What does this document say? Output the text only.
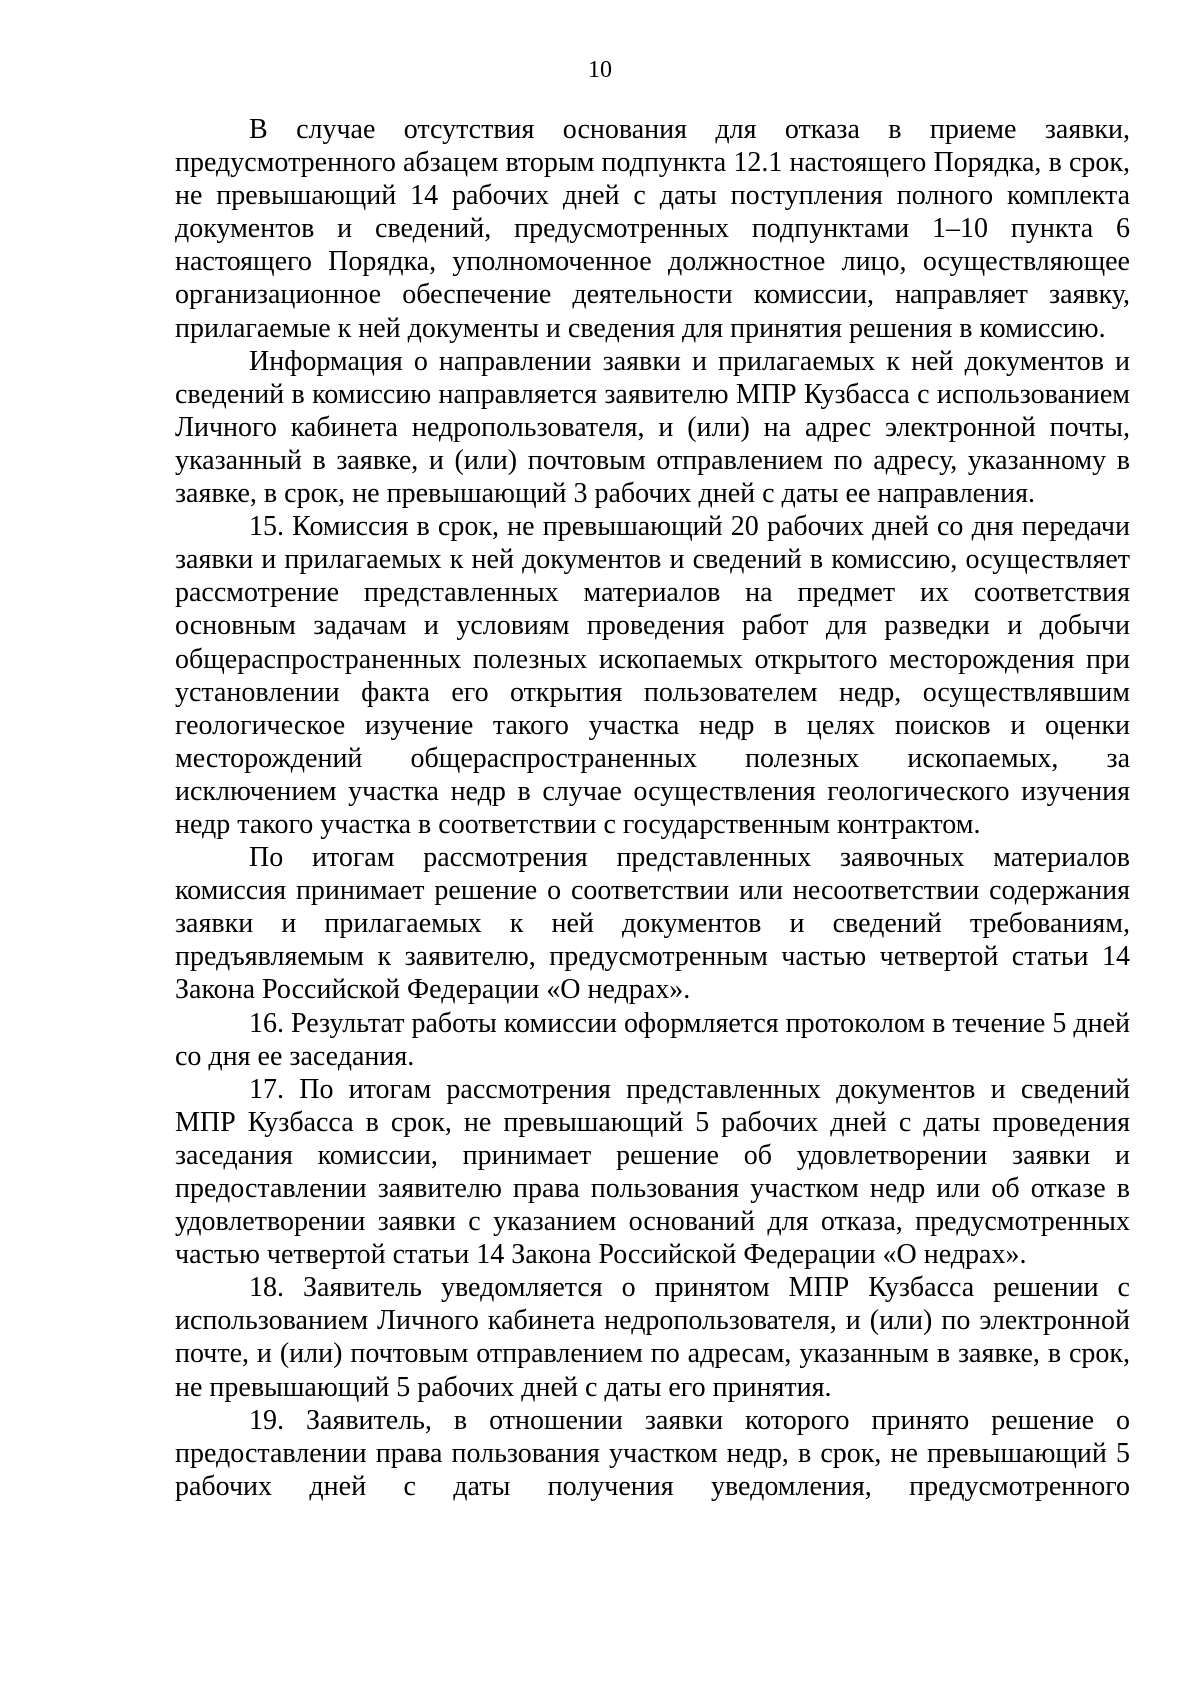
10

В случае отсутствия основания для отказа в приеме заявки, предусмотренного абзацем вторым подпункта 12.1 настоящего Порядка, в срок, не превышающий 14 рабочих дней с даты поступления полного комплекта документов и сведений, предусмотренных подпунктами 1–10 пункта 6 настоящего Порядка, уполномоченное должностное лицо, осуществляющее организационное обеспечение деятельности комиссии, направляет заявку, прилагаемые к ней документы и сведения для принятия решения в комиссию.

Информация о направлении заявки и прилагаемых к ней документов и сведений в комиссию направляется заявителю МПР Кузбасса с использованием Личного кабинета недропользователя, и (или) на адрес электронной почты, указанный в заявке, и (или) почтовым отправлением по адресу, указанному в заявке, в срок, не превышающий 3 рабочих дней с даты ее направления.

15. Комиссия в срок, не превышающий 20 рабочих дней со дня передачи заявки и прилагаемых к ней документов и сведений в комиссию, осуществляет рассмотрение представленных материалов на предмет их соответствия основным задачам и условиям проведения работ для разведки и добычи общераспространенных полезных ископаемых открытого месторождения при установлении факта его открытия пользователем недр, осуществлявшим геологическое изучение такого участка недр в целях поисков и оценки месторождений общераспространенных полезных ископаемых, за исключением участка недр в случае осуществления геологического изучения недр такого участка в соответствии с государственным контрактом.

По итогам рассмотрения представленных заявочных материалов комиссия принимает решение о соответствии или несоответствии содержания заявки и прилагаемых к ней документов и сведений требованиям, предъявляемым к заявителю, предусмотренным частью четвертой статьи 14 Закона Российской Федерации «О недрах».

16. Результат работы комиссии оформляется протоколом в течение 5 дней со дня ее заседания.

17. По итогам рассмотрения представленных документов и сведений МПР Кузбасса в срок, не превышающий 5 рабочих дней с даты проведения заседания комиссии, принимает решение об удовлетворении заявки и предоставлении заявителю права пользования участком недр или об отказе в удовлетворении заявки с указанием оснований для отказа, предусмотренных частью четвертой статьи 14 Закона Российской Федерации «О недрах».

18. Заявитель уведомляется о принятом МПР Кузбасса решении с использованием Личного кабинета недропользователя, и (или) по электронной почте, и (или) почтовым отправлением по адресам, указанным в заявке, в срок, не превышающий 5 рабочих дней с даты его принятия.

19. Заявитель, в отношении заявки которого принято решение о предоставлении права пользования участком недр, в срок, не превышающий 5 рабочих дней с даты получения уведомления, предусмотренного
